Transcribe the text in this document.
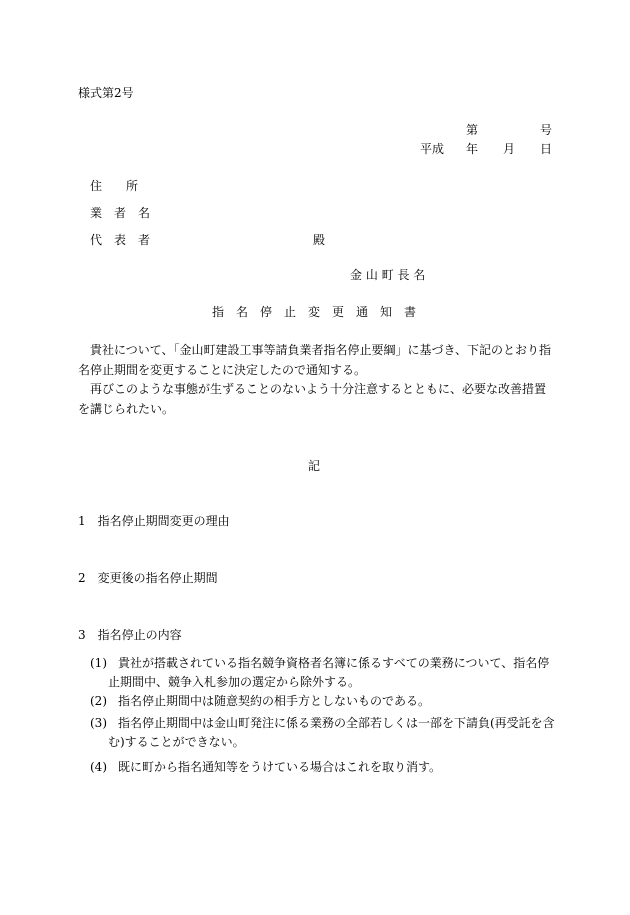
様式第2号
第	号
平成 年 月 日
住　　所
業　者　名
代　表　者	殿
金 山 町 長 名
指　名　停　止　変　更　通　知　書
　貴社について、「金山町建設工事等請負業者指名停止要綱」に基づき、下記のとおり指名停止期間を変更することに決定したので通知する。
　再びこのような事態が生ずることのないよう十分注意するとともに、必要な改善措置を講じられたい。
記
1　指名停止期間変更の理由
2　変更後の指名停止期間
3　指名停止の内容
(1) 貴社が搭載されている指名競争資格者名簿に係るすべての業務について、指名停止期間中、競争入札参加の選定から除外する。
(2) 指名停止期間中は随意契約の相手方としないものである。
(3) 指名停止期間中は金山町発注に係る業務の全部若しくは一部を下請負(再受託を含む)することができない。
(4) 既に町から指名通知等をうけている場合はこれを取り消す。
